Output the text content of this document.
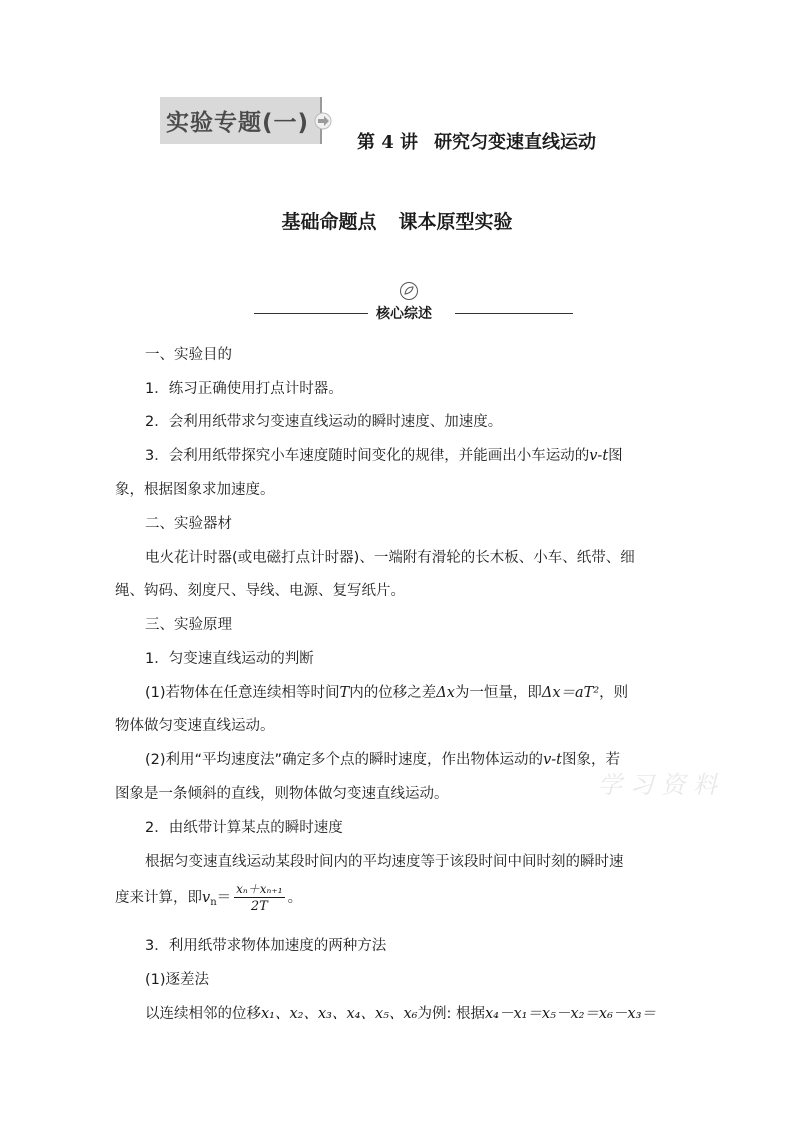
实验专题(一)
第 4 讲 研究匀变速直线运动
基础命题点 课本原型实验
核心综述
一、实验目的
1．练习正确使用打点计时器。
2．会利用纸带求匀变速直线运动的瞬时速度、加速度。
3．会利用纸带探究小车速度随时间变化的规律，并能画出小车运动的v-t图
象，根据图象求加速度。
二、实验器材
电火花计时器(或电磁打点计时器)、一端附有滑轮的长木板、小车、纸带、细
绳、钩码、刻度尺、导线、电源、复写纸片。
三、实验原理
1．匀变速直线运动的判断
(1)若物体在任意连续相等时间T内的位移之差Δx为一恒量，即Δx＝aT²，则
物体做匀变速直线运动。
(2)利用“平均速度法”确定多个点的瞬时速度，作出物体运动的v-t图象，若
图象是一条倾斜的直线，则物体做匀变速直线运动。	学 习 资 料
2．由纸带计算某点的瞬时速度
根据匀变速直线运动某段时间内的平均速度等于该段时间中间时刻的瞬时速
度来计算，即$v_n= \frac{\text{xₙ＋xₙ₊₁}}{2T}$ 。
3．利用纸带求物体加速度的两种方法
(1)逐差法
以连续相邻的位移x₁、x₂、x₃、x₄、x₅、x₆为例: 根据x₄－x₁＝x₅－x₂＝x₆－x₃＝
